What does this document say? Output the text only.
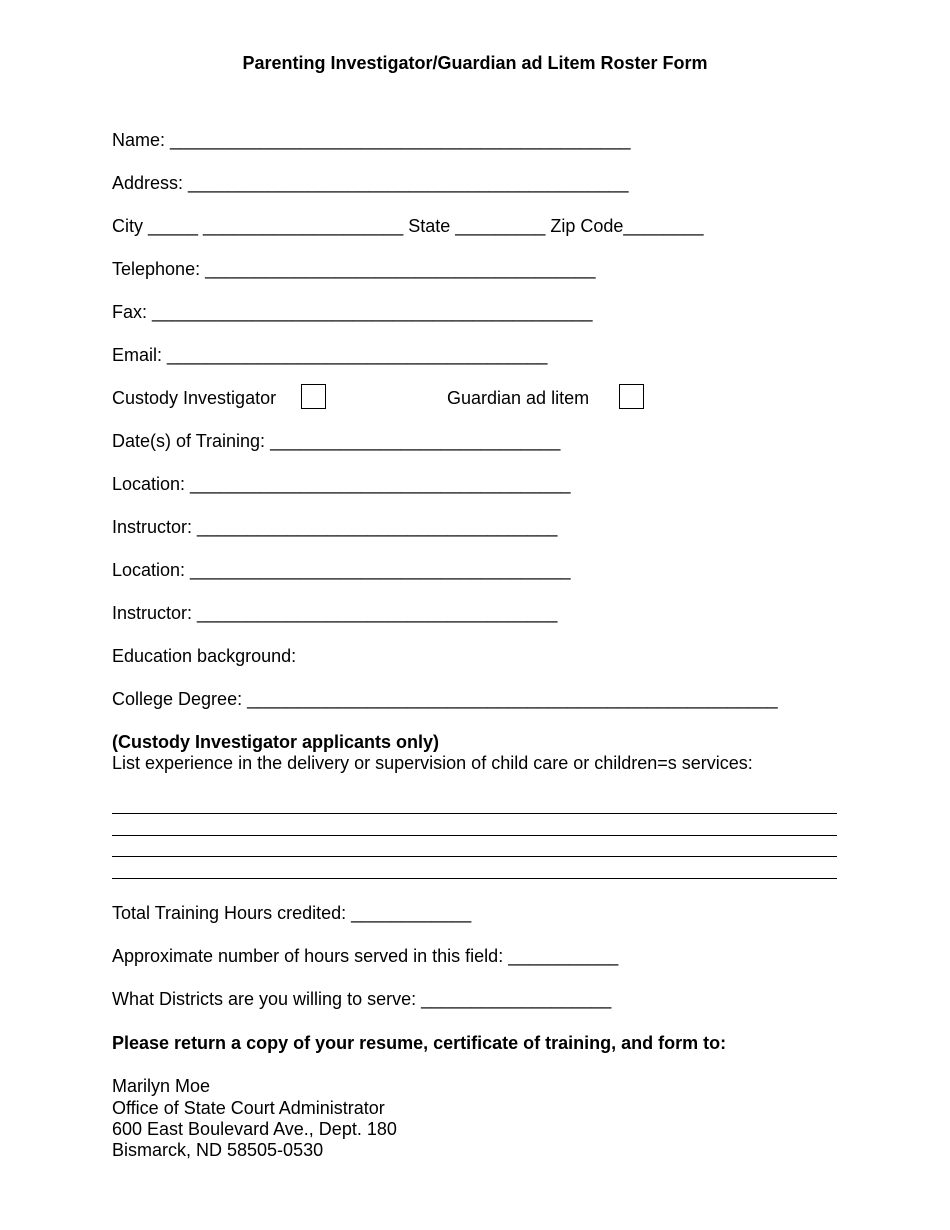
Parenting Investigator/Guardian ad Litem Roster Form
Name: ______________________________________________
Address: ____________________________________________
City _____ ____________________ State _________ Zip Code________
Telephone: _______________________________________
Fax: ____________________________________________
Email: ______________________________________
Custody Investigator	Guardian ad litem
Date(s) of Training: _____________________________
Location: ______________________________________
Instructor: ____________________________________
Location: ______________________________________
Instructor: ____________________________________
Education background:
College Degree: _____________________________________________________
(Custody Investigator applicants only)
List experience in the delivery or supervision of child care or children=s services:
Total Training Hours credited: ____________
Approximate number of hours served in this field: ___________
What Districts are you willing to serve: ___________________
Please return a copy of your resume, certificate of training, and form to:
Marilyn Moe
Office of State Court Administrator
600 East Boulevard Ave., Dept. 180
Bismarck, ND 58505-0530
